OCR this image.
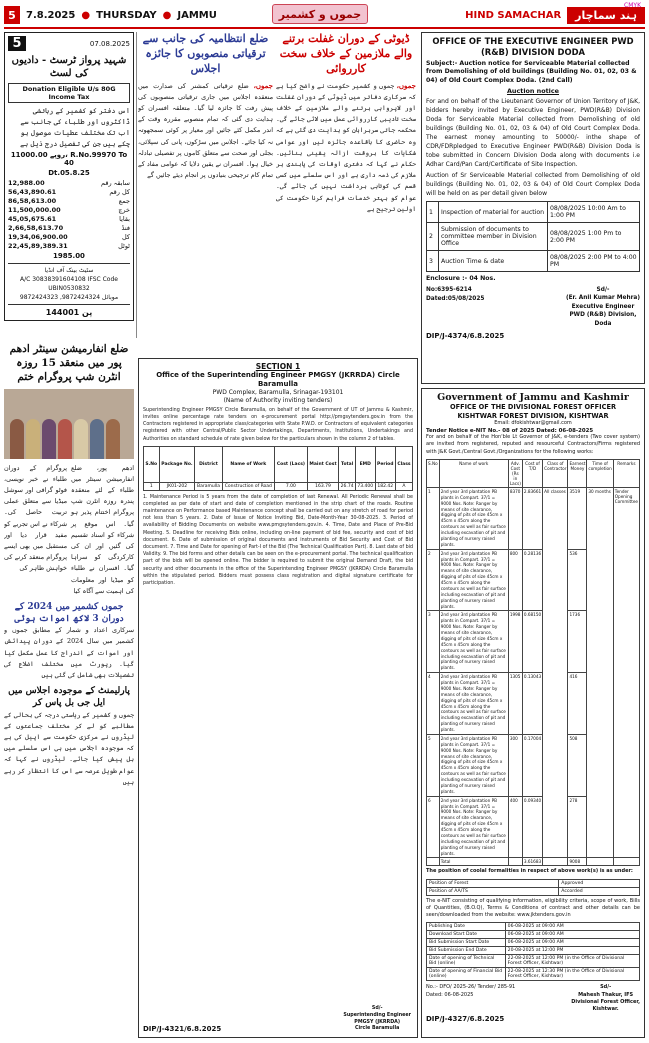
5	7.8.2025 ● THURSDAY ● JAMMU	جموں و کشمیر	HIND SAMACHAR	ہند سماچار
CMYK
5	07.08.2025
شہید پرواز ٹرسٹ - دادیوں کی لسٹ
Donation Eligible U/s 80G Income Tax
اس دفتر کو کشمیر کے رہائشی ڈاکٹروں اور طلباء کی جانب سے اب تک مختلف عطیات موصول ہو چکے ہیں جن کی تفصیل درج ذیل ہے
11000.00 روپے، R.No.99970 To 40
Dt.05.8.25
12,988.00	سابقہ رقم
56,43,890.61	کل رقم
86,58,613.00	جمع
11,500,000.00	خرچ
45,05,675.61	بقایا
2,66,58,613.70	فنڈ
19,34,06,900.00	کل
22,45,89,389.31	ٹوٹل
1985.00
سٹیٹ بینک آف انڈیا
A/C 30838391604108 IFSC Code UBIN0530832
موبائل 9872424324, 9872424323
پن 144001
ڈیوٹی کے دوران غفلت برتنے والے ملازمین کے خلاف سخت کارروائی
جموں، جموں و کشمیر حکومت نے واضح کیا ہے کہ سرکاری دفاتر میں ڈیوٹی کے دوران غفلت اور لاپرواہی برتنے والے ملازمین کے خلاف سخت تادیبی کارروائی عمل میں لائی جائے گی۔ محکمہ جاتی سربراہان کو ہدایت دی گئی ہے کہ وہ حاضری کا باقاعدہ جائزہ لیں اور عوامی شکایات کا بروقت ازالہ یقینی بنائیں۔ حکام نے کہا کہ دفتری اوقات کی پابندی ہر ملازم کی ذمہ داری ہے اور اس سلسلے میں کسی قسم کی کوتاہی برداشت نہیں کی جائے گی۔ عوام کو بہتر خدمات فراہم کرنا حکومت کی اولین ترجیح ہے
ضلع انتظامیہ کی جانب سے ترقیاتی منصوبوں کا جائزہ اجلاس
جموں، ضلع ترقیاتی کمشنر کی صدارت میں منعقدہ اجلاس میں جاری ترقیاتی منصوبوں کی پیش رفت کا جائزہ لیا گیا۔ متعلقہ افسران کو ہدایت دی گئی کہ تمام منصوبے مقررہ وقت کے اندر مکمل کئے جائیں اور معیار پر کوئی سمجھوتہ نہ کیا جائے۔ اجلاس میں سڑکوں، پانی کی سپلائی، بجلی اور صحت سے متعلق کاموں پر تفصیلی تبادلہ خیال ہوا۔ افسران نے یقین دلایا کہ عوامی مفاد کے تمام کام ترجیحی بنیادوں پر انجام دیئے جائیں گے
OFFICE OF THE EXECUTIVE ENGINEER PWD (R&B) DIVISION DODA
Subject:- Auction notice for Serviceable Material collected from Demolishing of old buildings (Building No. 01, 02, 03 & 04) of Old Court Complex Doda. (2nd Call)
Auction notice

For and on behalf of the Lieutenant Governor of Union Territory of J&K, bidders hereby invited by Executive Engineer, PWD(R&B) Division Doda for Serviceable Material collected from Demolishing of old buildings (Building No. 01, 02, 03 & 04) of Old Court Complex Doda. The earnest money amounting to 50000/- inthe shape of CDR/FDRpledged to Executive Engineer PWD(R&B) Division Doda is tobe submitted in Concern Division Doda along with documents i.e Adhar Card/Pan Card/Certificate of Site Inspection.

Auction of Sr Serviceable Material collected from Demolishing of old buildings (Building No. 01, 02, 03 & 04) of Old Court Complex Doda will be held on as per detail given below

1	Inspection of material for auction	08/08/2025 10:00 Am to 1:00 PM
2	Submission of documents to committee member in Division Office	08/08/2025 1:00 Pm to 2:00 PM
3	Auction Time & date	08/08/2025 2:00 PM to 4:00 PM
Enclosure :- 04 Nos.
No:6395-6214
Dated:05/08/2025
Sd/-
(Er. Anil Kumar Mehra)
Executive Engineer
PWD (R&B) Division,
Doda
DIP/J-4374/6.8.2025
ضلع انفارمیشن سینٹر ادھم پور میں منعقد 15 روزہ انٹرن شپ پروگرام ختم
پروگرام کے دوران طلباء نے خبر نویسی، فوٹو گرافی اور سوشل میڈیا سے متعلق عملی تربیت حاصل کی۔ شرکاء نے اس تجربے کو مفید قرار دیا اور مستقبل میں بھی ایسے پروگرام منعقد کرنے کی خواہش ظاہر کی
ادھم پور، ضلع انفارمیشن سینٹر میں طلباء کے لئے منعقدہ پندرہ روزہ انٹرن شپ پروگرام اختتام پذیر ہو گیا۔ اس موقع پر شرکاء کو اسناد تقسیم کی گئیں اور ان کی کارکردگی کو سراہا گیا۔ افسران نے طلباء کو میڈیا اور معلومات کی اہمیت سے آگاہ کیا
جموں کشمیر میں 2024 کے دوران 3 لاکھ اموات ہوئی
سرکاری اعداد و شمار کے مطابق جموں و کشمیر میں سال 2024 کے دوران پیدائش اور اموات کے اندراج کا عمل مکمل کیا گیا۔ رپورٹ میں مختلف اضلاع کی تفصیلات بھی شامل کی گئی ہیں
پارلیمنٹ کے موجودہ اجلاس میں ایل جی بل پاس کر
جموں و کشمیر کے ریاستی درجہ کی بحالی کے مطالبے کو لے کر مختلف جماعتوں کے لیڈروں نے مرکزی حکومت سے اپیل کی ہے کہ موجودہ اجلاس میں ہی اس سلسلے میں بل پیش کیا جائے۔ لیڈروں نے کہا کہ عوام طویل عرصہ سے اس کا انتظار کر رہے ہیں
SECTION 1
Office of the Superintending Engineer PMGSY (JKRRDA) Circle Baramulla
PWD Complex, Baramulla, Srinagar-193101
(Name of Authority inviting tenders)
Superintending Engineer PMGSY Circle Baramulla, on behalf of the Government of UT of Jammu & Kashmir, invites online percentage rate tenders on e-procurement portal http://pmgsytenders.gov.in from the Contractors registered in appropriate class/categories with State P.W.D. or Contractors of equivalent categories registered with other Central/Public Sector Undertakings, Departments, Institutions, Undertakings and Authorities on standard schedule of rate given below for the particulars shown in the column 2 of tables.
S.No	Package No.	District	Name of Work	Cost (Lacs)	Maint Cost	Total	EMD	Period	Class
1	JK01-202	Baramulla	Construction of Road	7.00	163.79	26.74	73.400	182.42	A
1. Maintenance Period is 5 years from the date of completion of last Renewal. All Periodic Renewal shall be completed as per date of start and date of completion mentioned in the strip chart of the roads. Routine maintenance on Performance based Maintenance concept shall be carried out on any stretch of road for period not less than 5 years. 2. Date of Issue of Notice Inviting Bid, Date-Month-Year 30-08-2025. 3. Period of availability of Bidding Documents on website www.pmgsytenders.gov.in. 4. Time, Date and Place of Pre-Bid Meeting. 5. Deadline for receiving Bids online, including on-line payment of bid fee, security and cost of bid document. 6. Date of submission of original documents and instruments of Bid Security and Cost of Bid document. 7. Time and Date for opening of Part-I of the Bid (The Technical Qualification Part). 8. Last date of bid Validity. 9. The bid forms and other details can be seen on the e-procurement portal. The technical qualification part of the bids will be opened online. The bidder is required to submit the original Demand Draft, the bid security and other documents in the office of the Superintending Engineer PMGSY (JKRRDA) Circle Baramulla within the stipulated period. Bidders must possess class registration and digital signature certificate for participation.
DIP/J-4321/6.8.2025
Sd/-
Superintending Engineer
PMGSY (JKRRDA)
Circle Baramulla
Government of Jammu and Kashmir
OFFICE OF THE DIVISIONAL FOREST OFFICER
KISHTWAR FOREST DIVISION, KISHTWAR
Email: dfokishtwar@gmail.com
Tender Notice e-NIT No.- 08 of 2025 Dated: 06-08-2025

For and on behalf of the Hon'ble Lt Governor of J&K, e-tenders (Two cover system) are invited from registered, reputed and resourceful Contractors/Firms registered with J&K Govt./Central Govt./Organizations for the following works:

S.No	Name of work	Adv. Cost (Rs in Lacs)	Cost of T/D	Class of Contractor	Earnest Money	Time of completion	Remarks
1	2nd year 3rd plantation PB plants in Compart. 37/1 = 9000 Nos. Note: Ranger by means of site clearance, digging of pits of size 45cm x 45cm x 45cm along the contours as well as fair surface including excavation of pit and planting of nursery raised plants.	8370	2.83661	All classes	3519	30 months	Tender Opening Committee
2	2nd year 3rd plantation PB plants in Compart. 37/1 = 9000 Nos. Note: Ranger by means of site clearance, digging of pits of size 45cm x 45cm x 45cm along the contours as well as fair surface including excavation of pit and planting of nursery raised plants.	800	0.28136		536		
3	2nd year 3rd plantation PB plants in Compart. 37/1 = 9000 Nos. Note: Ranger by means of site clearance, digging of pits of size 45cm x 45cm x 45cm along the contours as well as fair surface including excavation of pit and planting of nursery raised plants.	1998	0.68150		1736		
4	2nd year 3rd plantation PB plants in Compart. 37/1 = 9000 Nos. Note: Ranger by means of site clearance, digging of pits of size 45cm x 45cm x 45cm along the contours as well as fair surface including excavation of pit and planting of nursery raised plants.	1305	0.13043		416		
5	2nd year 3rd plantation PB plants in Compart. 37/1 = 9000 Nos. Note: Ranger by means of site clearance, digging of pits of size 45cm x 45cm x 45cm along the contours as well as fair surface including excavation of pit and planting of nursery raised plants.	300	0.17004		508		
6	2nd year 3rd plantation PB plants in Compart. 37/1 = 9000 Nos. Note: Ranger by means of site clearance, digging of pits of size 45cm x 45cm x 45cm along the contours as well as fair surface including excavation of pit and planting of nursery raised plants.	400	0.09340		278		
	Total		3.61683		9008		

The position of coolal formalities in respect of above work(s) is as under:

Position of Forest	Approved
Position of AA/TS	Accorded

The e-NIT consisting of qualifying information, eligibility criteria, scope of work, Bills of Quantities, (B.O.Q), Terms & Conditions of contract and other details can be seen/downloaded from the website: www.jktenders.gov.in

Publishing Date	06-08-2025 at 09:00 AM
Download Start Date	06-08-2025 at 09:00 AM
Bid Submission Start Date	06-08-2025 at 09:00 AM
Bid Submission End Date	20-08-2025 at 12:00 PM
Date of opening of Technical Bid (online)	22-08-2025 at 12:00 PM (in the Office of Divisional Forest Officer, Kishtwar)
Date of opening of Financial Bid (online)	22-08-2025 at 12:30 PM (in the Office of Divisional Forest Officer, Kishtwar)
No.:- DFO/ 2025-26/ Tender/ 285-91
Dated: 06-08-2025
Sd/-
Mahesh Thakur, IFS
Divisional Forest Officer,
Kishtwar.
DIP/J-4327/6.8.2025
